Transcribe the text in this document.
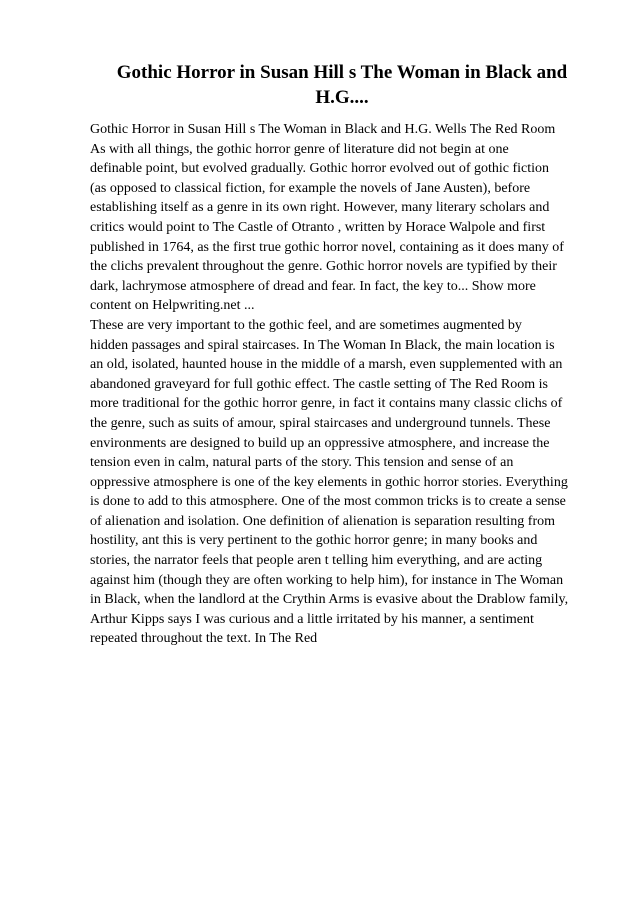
Gothic Horror in Susan Hill s The Woman in Black and
H.G....
Gothic Horror in Susan Hill s The Woman in Black and H.G. Wells The Red Room
As with all things, the gothic horror genre of literature did not begin at one
definable point, but evolved gradually. Gothic horror evolved out of gothic fiction
(as opposed to classical fiction, for example the novels of Jane Austen), before
establishing itself as a genre in its own right. However, many literary scholars and
critics would point to The Castle of Otranto , written by Horace Walpole and first
published in 1764, as the first true gothic horror novel, containing as it does many of
the clichs prevalent throughout the genre. Gothic horror novels are typified by their
dark, lachrymose atmosphere of dread and fear. In fact, the key to... Show more
content on Helpwriting.net ...
These are very important to the gothic feel, and are sometimes augmented by
hidden passages and spiral staircases. In The Woman In Black, the main location is
an old, isolated, haunted house in the middle of a marsh, even supplemented with an
abandoned graveyard for full gothic effect. The castle setting of The Red Room is
more traditional for the gothic horror genre, in fact it contains many classic clichs of
the genre, such as suits of amour, spiral staircases and underground tunnels. These
environments are designed to build up an oppressive atmosphere, and increase the
tension even in calm, natural parts of the story. This tension and sense of an
oppressive atmosphere is one of the key elements in gothic horror stories. Everything
is done to add to this atmosphere. One of the most common tricks is to create a sense
of alienation and isolation. One definition of alienation is separation resulting from
hostility, ant this is very pertinent to the gothic horror genre; in many books and
stories, the narrator feels that people aren t telling him everything, and are acting
against him (though they are often working to help him), for instance in The Woman
in Black, when the landlord at the Crythin Arms is evasive about the Drablow family,
Arthur Kipps says I was curious and a little irritated by his manner, a sentiment
repeated throughout the text. In The Red
